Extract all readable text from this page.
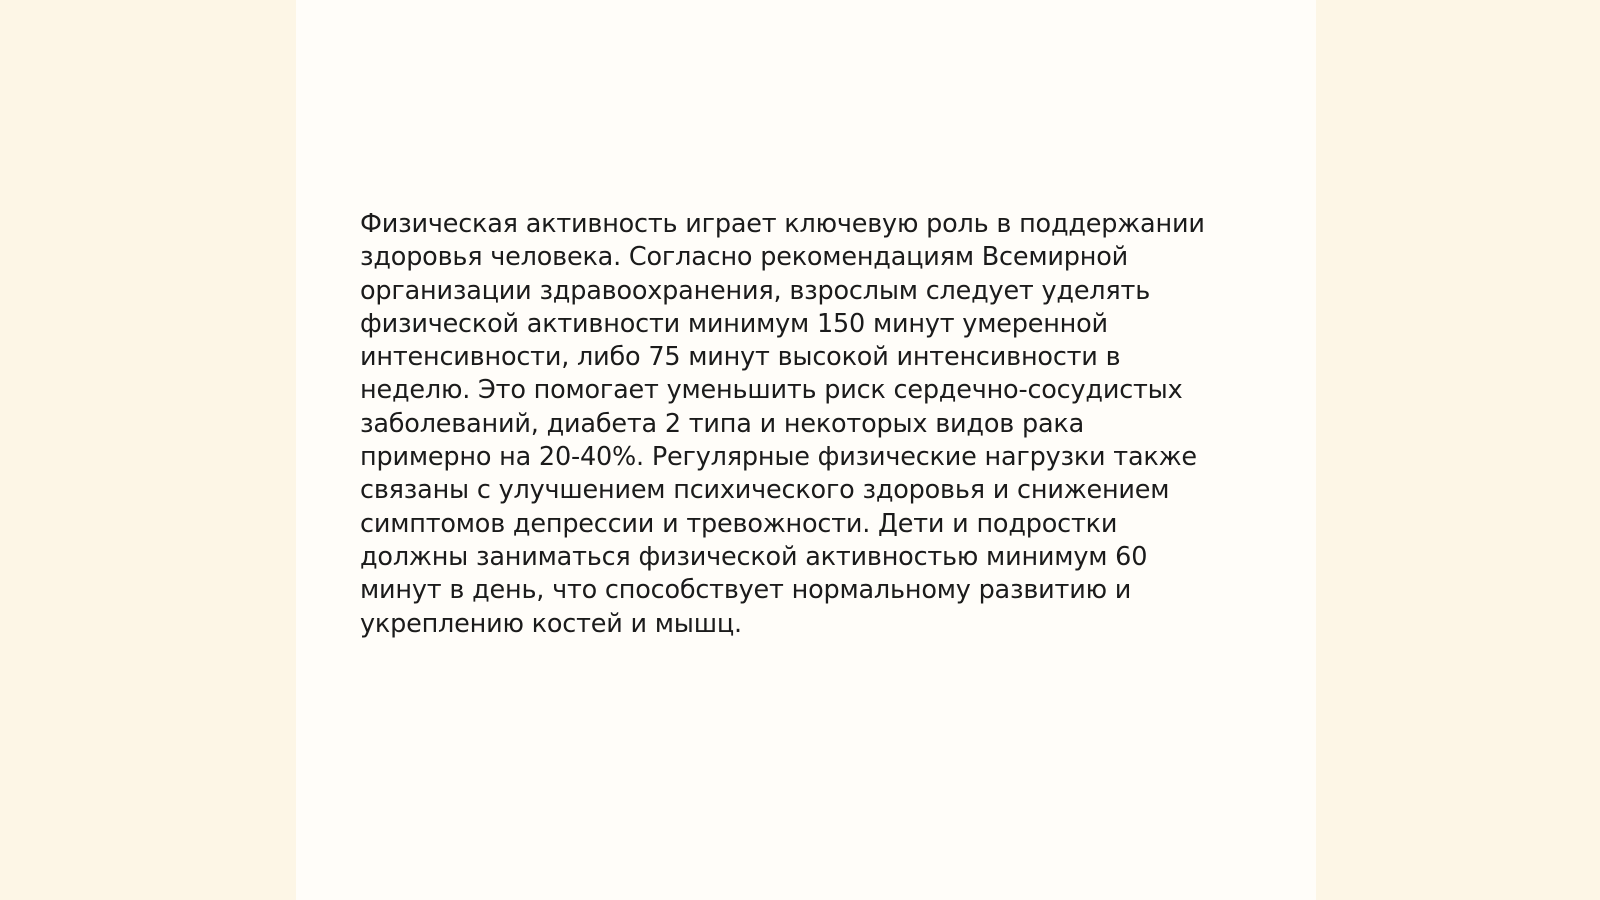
Физическая активность играет ключевую роль в поддержании
здоровья человека. Согласно рекомендациям Всемирной
организации здравоохранения, взрослым следует уделять
физической активности минимум 150 минут умеренной
интенсивности, либо 75 минут высокой интенсивности в
неделю. Это помогает уменьшить риск сердечно-сосудистых
заболеваний, диабета 2 типа и некоторых видов рака
примерно на 20-40%. Регулярные физические нагрузки также
связаны с улучшением психического здоровья и снижением
симптомов депрессии и тревожности. Дети и подростки
должны заниматься физической активностью минимум 60
минут в день, что способствует нормальному развитию и
укреплению костей и мышц.
